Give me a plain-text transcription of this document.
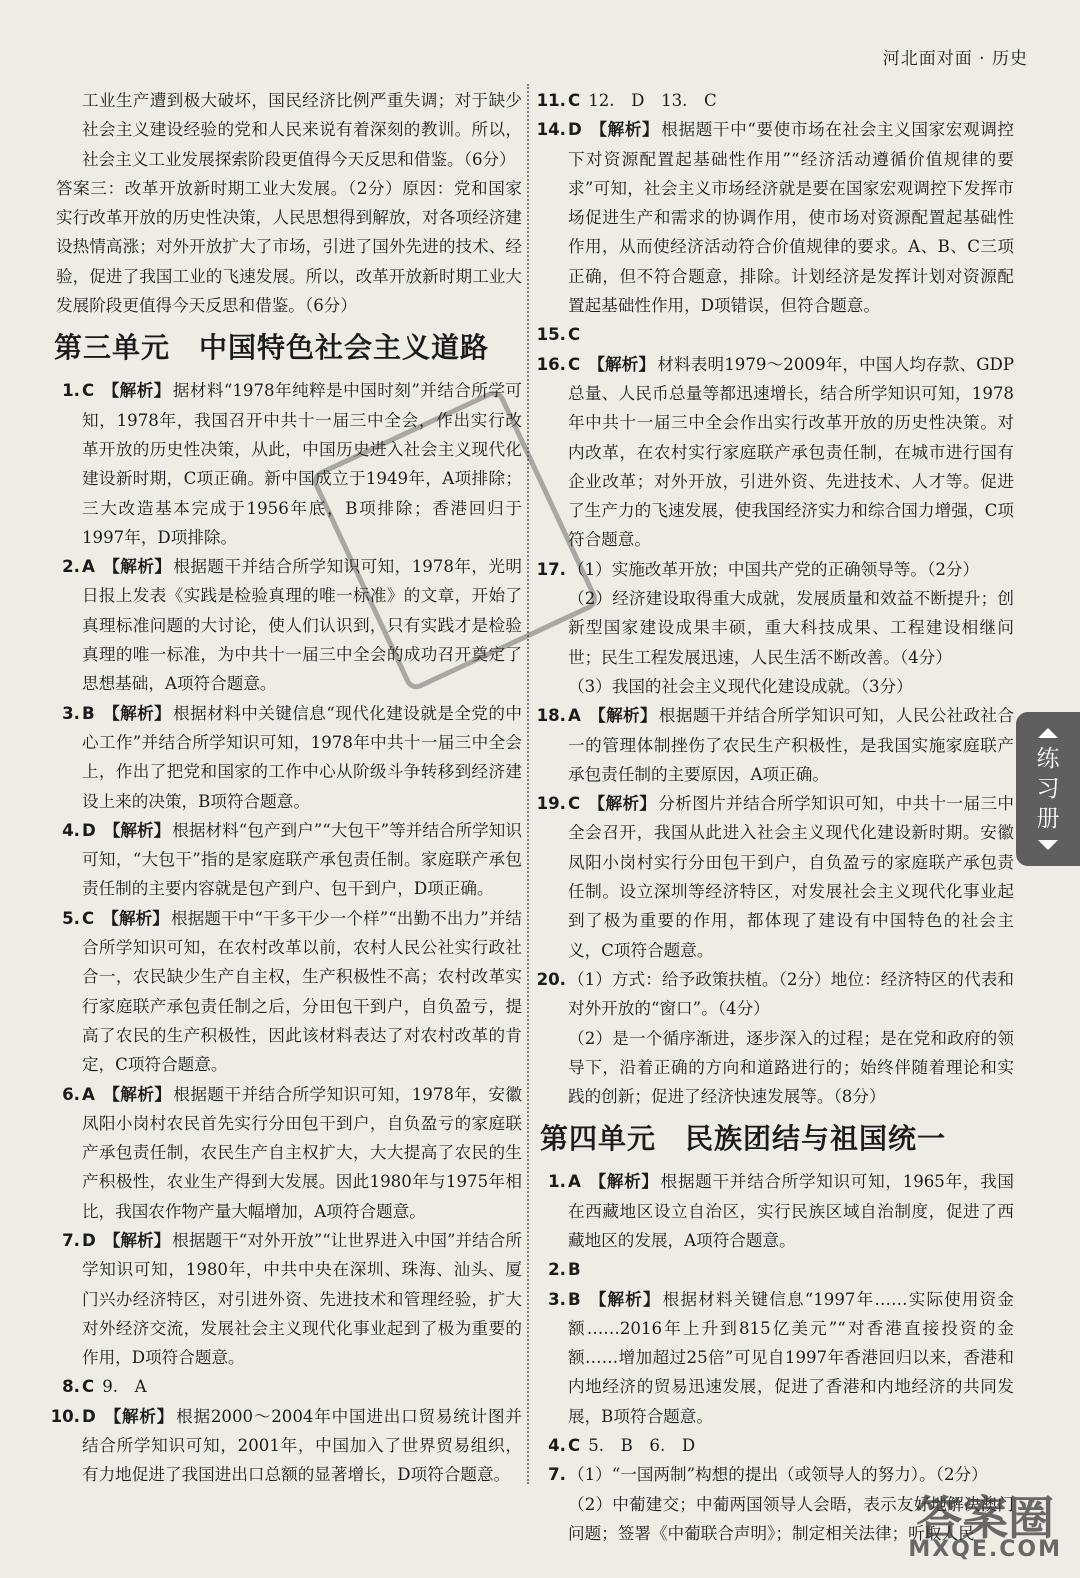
河北面对面 · 历史

工业生产遭到极大破坏，国民经济比例严重失调；对于缺少社会主义建设经验的党和人民来说有着深刻的教训。所以，社会主义工业发展探索阶段更值得今天反思和借鉴。（6分）

答案三：改革开放新时期工业大发展。（2分）原因：党和国家实行改革开放的历史性决策，人民思想得到解放，对各项经济建设热情高涨；对外开放扩大了市场，引进了国外先进的技术、经验，促进了我国工业的飞速发展。所以，改革开放新时期工业大发展阶段更值得今天反思和借鉴。（6分）

第三单元　中国特色社会主义道路
1. C 【解析】 据材料“1978年纯粹是中国时刻”并结合所学可知，1978年，我国召开中共十一届三中全会，作出实行改革开放的历史性决策，从此，中国历史进入社会主义现代化建设新时期，C项正确。新中国成立于1949年，A项排除；三大改造基本完成于1956年底，B项排除；香港回归于1997年，D项排除。
2. A 【解析】 根据题干并结合所学知识可知，1978年，光明日报上发表《实践是检验真理的唯一标准》的文章，开始了真理标准问题的大讨论，使人们认识到，只有实践才是检验真理的唯一标准，为中共十一届三中全会的成功召开奠定了思想基础，A项符合题意。
3. B 【解析】 根据材料中关键信息“现代化建设就是全党的中心工作”并结合所学知识可知，1978年中共十一届三中全会上，作出了把党和国家的工作中心从阶级斗争转移到经济建设上来的决策，B项符合题意。
4. D 【解析】 根据材料“包产到户”“大包干”等并结合所学知识可知，“大包干”指的是家庭联产承包责任制。家庭联产承包责任制的主要内容就是包产到户、包干到户，D项正确。
5. C 【解析】 根据题干中“干多干少一个样”“出勤不出力”并结合所学知识可知，在农村改革以前，农村人民公社实行政社合一，农民缺少生产自主权，生产积极性不高；农村改革实行家庭联产承包责任制之后，分田包干到户，自负盈亏，提高了农民的生产积极性，因此该材料表达了对农村改革的肯定，C项符合题意。
6. A 【解析】 根据题干并结合所学知识可知，1978年，安徽凤阳小岗村农民首先实行分田包干到户，自负盈亏的家庭联产承包责任制，农民生产自主权扩大，大大提高了农民的生产积极性，农业生产得到大发展。因此1980年与1975年相比，我国农作物产量大幅增加，A项符合题意。
7. D 【解析】 根据题干“对外开放”“让世界进入中国”并结合所学知识可知，1980年，中共中央在深圳、珠海、汕头、厦门兴办经济特区，对引进外资、先进技术和管理经验，扩大对外经济交流，发展社会主义现代化事业起到了极为重要的作用，D项符合题意。
8. C 9.　A
10. D 【解析】 根据2000～2004年中国进出口贸易统计图并结合所学知识可知，2001年，中国加入了世界贸易组织，有力地促进了我国进出口总额的显著增长，D项符合题意。
11. C 12.　D　13.　C
14. D 【解析】 根据题干中“要使市场在社会主义国家宏观调控下对资源配置起基础性作用”“经济活动遵循价值规律的要求”可知，社会主义市场经济就是要在国家宏观调控下发挥市场促进生产和需求的协调作用，使市场对资源配置起基础性作用，从而使经济活动符合价值规律的要求。A、B、C三项正确，但不符合题意，排除。计划经济是发挥计划对资源配置起基础性作用，D项错误，但符合题意。
15. C
16. C 【解析】 材料表明1979～2009年，中国人均存款、GDP总量、人民币总量等都迅速增长，结合所学知识可知，1978年中共十一届三中全会作出实行改革开放的历史性决策。对内改革，在农村实行家庭联产承包责任制，在城市进行国有企业改革；对外开放，引进外资、先进技术、人才等。促进了生产力的飞速发展，使我国经济实力和综合国力增强，C项符合题意。
17. （1）实施改革开放；中国共产党的正确领导等。（2分）

（2）经济建设取得重大成就，发展质量和效益不断提升；创新型国家建设成果丰硕，重大科技成果、工程建设相继问世；民生工程发展迅速，人民生活不断改善。（4分）

（3）我国的社会主义现代化建设成就。（3分）

18. A 【解析】 根据题干并结合所学知识可知，人民公社政社合一的管理体制挫伤了农民生产积极性，是我国实施家庭联产承包责任制的主要原因，A项正确。
19. C 【解析】 分析图片并结合所学知识可知，中共十一届三中全会召开，我国从此进入社会主义现代化建设新时期。安徽凤阳小岗村实行分田包干到户，自负盈亏的家庭联产承包责任制。设立深圳等经济特区，对发展社会主义现代化事业起到了极为重要的作用，都体现了建设有中国特色的社会主义，C项符合题意。
20. （1）方式：给予政策扶植。（2分）地位：经济特区的代表和对外开放的“窗口”。（4分）

（2）是一个循序渐进，逐步深入的过程；是在党和政府的领导下，沿着正确的方向和道路进行的；始终伴随着理论和实践的创新；促进了经济快速发展等。（8分）

第四单元　民族团结与祖国统一
1. A 【解析】 根据题干并结合所学知识可知，1965年，我国在西藏地区设立自治区，实行民族区域自治制度，促进了西藏地区的发展，A项符合题意。
2. B
3. B 【解析】 根据材料关键信息“1997年……实际使用资金额……2016年上升到815亿美元”“对香港直接投资的金额……增加超过25倍”可见自1997年香港回归以来，香港和内地经济的贸易迅速发展，促进了香港和内地经济的共同发展，B项符合题意。
4. C 5.　B　6.　D
7. （1）“一国两制”构想的提出（或领导人的努力）。（2分）

（2）中葡建交；中葡两国领导人会晤，表示友好地解决澳门问题；签署《中葡联合声明》；制定相关法律；听取人民

练
习
册
答案圈
MXQE.COM
